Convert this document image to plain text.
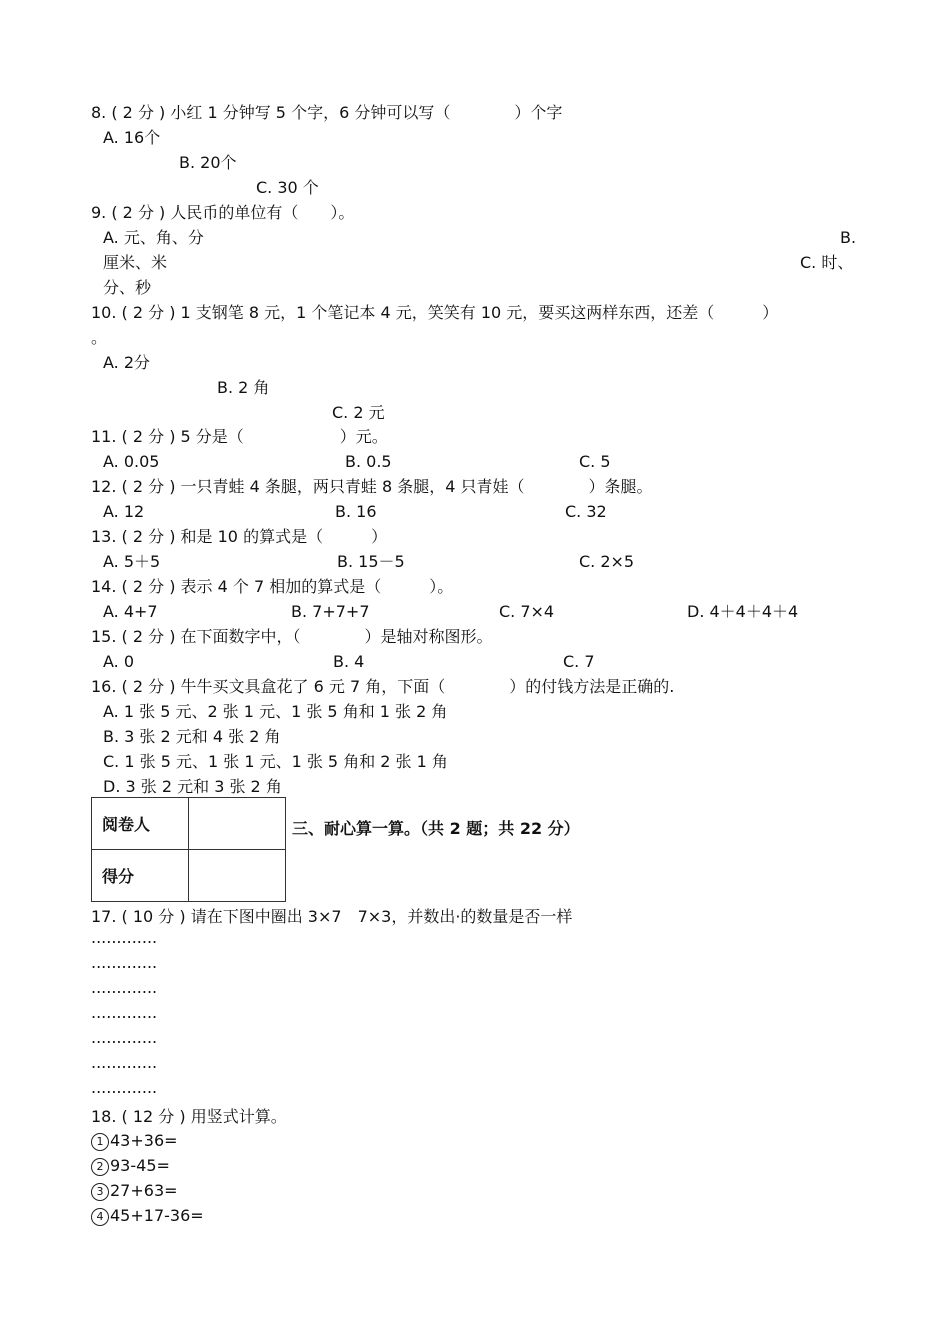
8. ( 2 分 ) 小红 1 分钟写 5 个字，6 分钟可以写（　　　　）个字
A. 16个
B. 20个
C. 30 个
9. ( 2 分 ) 人民币的单位有（　　）。
A. 元、角、分	B.
厘米、米	C. 时、
分、秒
10. ( 2 分 ) 1 支钢笔 8 元，1 个笔记本 4 元，笑笑有 10 元，要买这两样东西，还差（　　　）
。
A. 2分
B. 2 角
C. 2 元
11. ( 2 分 ) 5 分是（　　　　　　）元。
A. 0.05	B. 0.5	C. 5
12. ( 2 分 ) 一只青蛙 4 条腿，两只青蛙 8 条腿，4 只青娃（　　　　）条腿。
A. 12	B. 16	C. 32
13. ( 2 分 ) 和是 10 的算式是（　　　）
A. 5＋5	B. 15－5	C. 2×5
14. ( 2 分 ) 表示 4 个 7 相加的算式是（　　　）。
A. 4+7	B. 7+7+7	C. 7×4	D. 4＋4＋4＋4
15. ( 2 分 ) 在下面数字中，（　　　　）是轴对称图形。
A. 0	B. 4	C. 7
16. ( 2 分 ) 牛牛买文具盒花了 6 元 7 角，下面（　　　　）的付钱方法是正确的.
A. 1 张 5 元、2 张 1 元、1 张 5 角和 1 张 2 角
B. 3 张 2 元和 4 张 2 角
C. 1 张 5 元、1 张 1 元、1 张 5 角和 2 张 1 角
D. 3 张 2 元和 3 张 2 角
阅卷人	
得分	
三、耐心算一算。（共 2 题；共 22 分）
17. ( 10 分 ) 请在下图中圈出 3×7　7×3，并数出·的数量是否一样
.............
.............
.............
.............
.............
.............
.............
18. ( 12 分 ) 用竖式计算。
1 43+36=
2 93-45=
3 27+63=
4 45+17-36=
